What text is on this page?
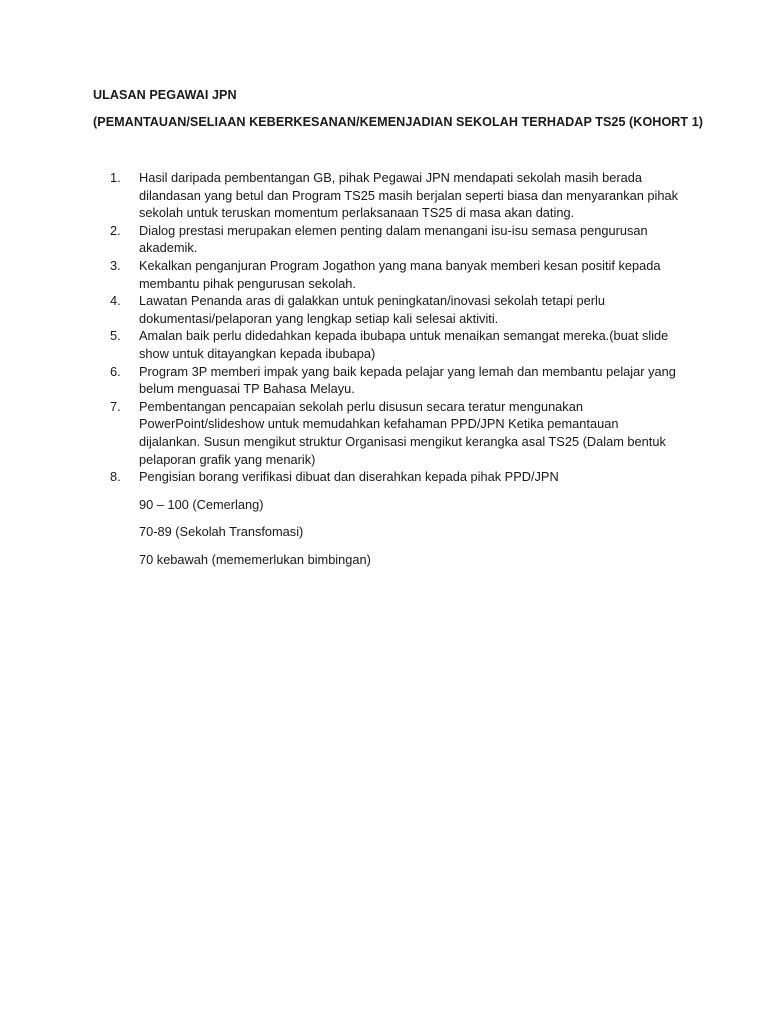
ULASAN PEGAWAI JPN
(PEMANTAUAN/SELIAAN KEBERKESANAN/KEMENJADIAN SEKOLAH TERHADAP TS25 (KOHORT 1)
1.	Hasil daripada pembentangan GB, pihak Pegawai JPN mendapati sekolah masih berada dilandasan yang betul dan Program TS25 masih berjalan seperti biasa dan menyarankan pihak sekolah untuk teruskan momentum perlaksanaan TS25 di masa akan dating.
2.	Dialog prestasi merupakan elemen penting dalam menangani isu-isu semasa pengurusan akademik.
3.	Kekalkan penganjuran Program Jogathon yang mana banyak memberi kesan positif kepada membantu pihak pengurusan sekolah.
4.	Lawatan Penanda aras di galakkan untuk peningkatan/inovasi sekolah tetapi perlu dokumentasi/pelaporan yang lengkap setiap kali selesai aktiviti.
5.	Amalan baik perlu didedahkan kepada ibubapa untuk menaikan semangat mereka.(buat slide show untuk ditayangkan kepada ibubapa)
6.	Program 3P memberi impak yang baik kepada pelajar yang lemah dan membantu pelajar yang belum menguasai TP Bahasa Melayu.
7.	Pembentangan pencapaian sekolah perlu disusun secara teratur mengunakan PowerPoint/slideshow untuk memudahkan kefahaman PPD/JPN Ketika pemantauan dijalankan. Susun mengikut struktur Organisasi mengikut kerangka asal TS25 (Dalam bentuk pelaporan grafik yang menarik)
8.	Pengisian borang verifikasi dibuat dan diserahkan kepada pihak PPD/JPN
90 – 100 (Cemerlang)
70-89 (Sekolah Transfomasi)
70 kebawah (mememerlukan bimbingan)
